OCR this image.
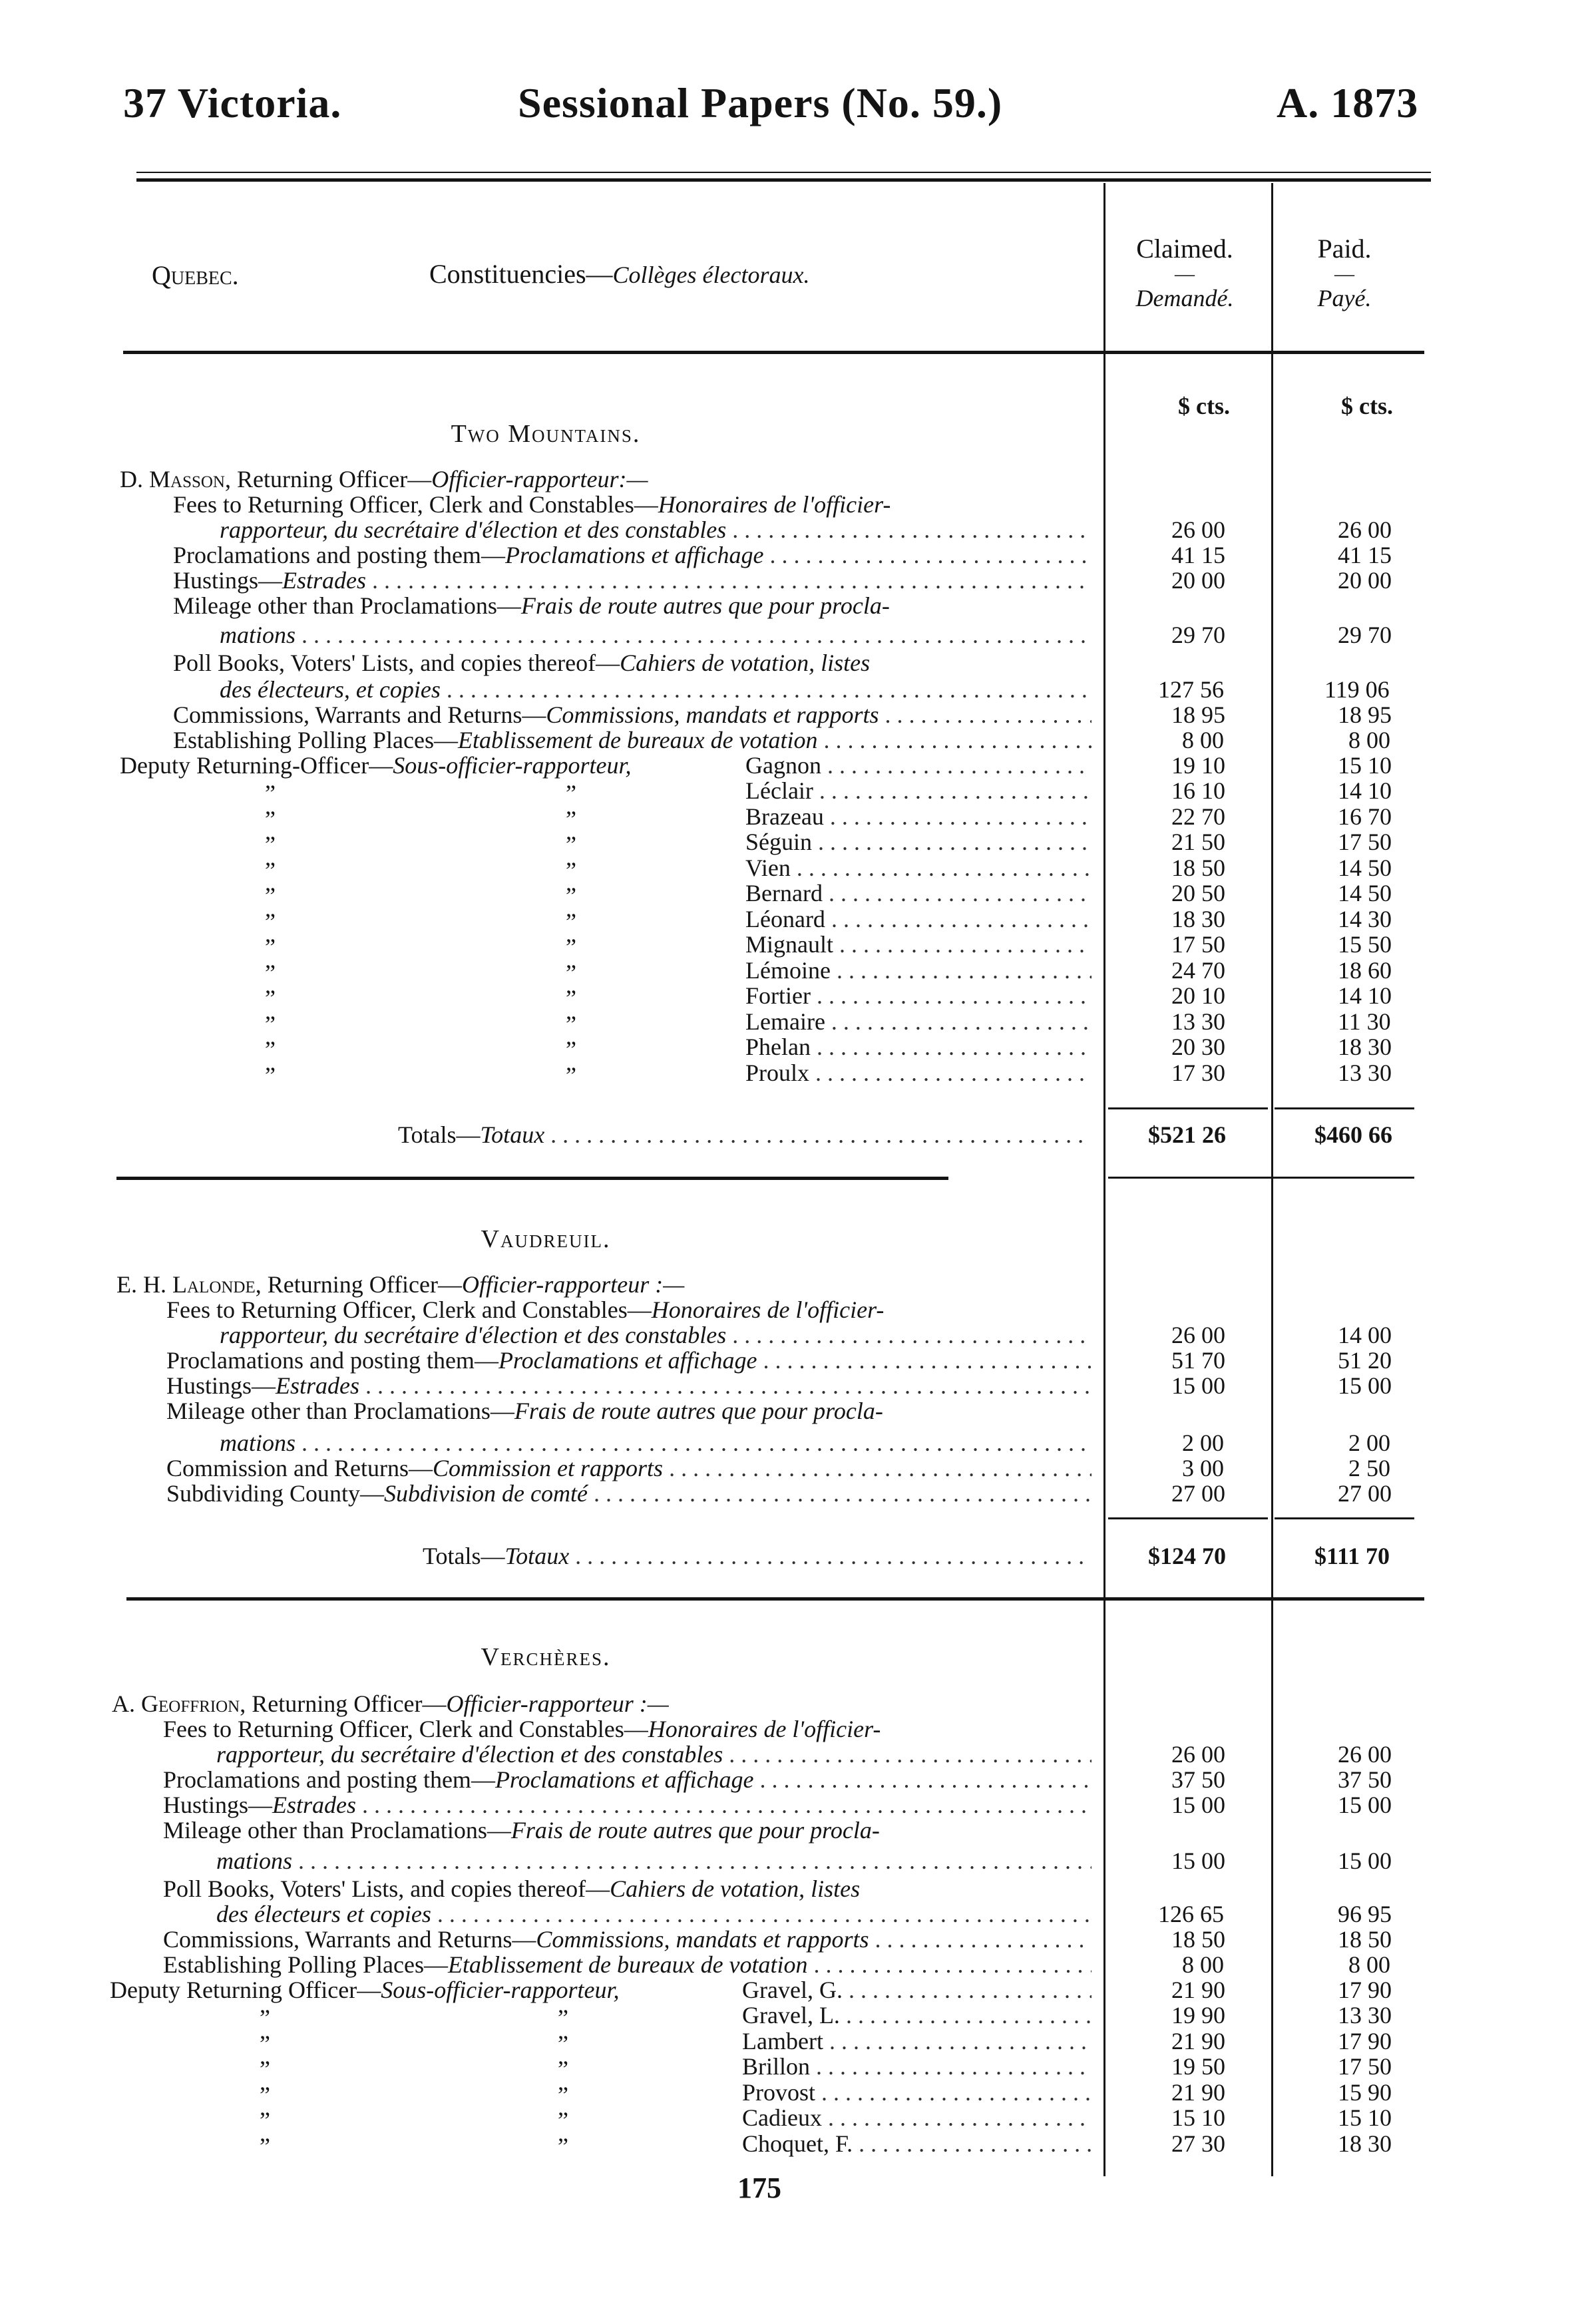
37 Victoria.	Sessional Papers (No. 59.)	A. 1873
Quebec.	Constituencies—Collèges électoraux.
Claimed.
—
Demandé.
Paid.
—
Payé.
$ cts.	$ cts.
Two Mountains.
D. Masson, Returning Officer—Officier-rapporteur:—
Fees to Returning Officer, Clerk and Constables—Honoraires de l'officier-
rapporteur, du secrétaire d'élection et des constables . . .	26 00	26 00
Proclamations and posting them—Proclamations et affichage . . .	41 15	41 15
Hustings—Estrades . . .	20 00	20 00
Mileage other than Proclamations—Frais de route autres que pour procla-
mations . . .	29 70	29 70
Poll Books, Voters' Lists, and copies thereof—Cahiers de votation, listes
des électeurs, et copies . . .	127 56	119 06
Commissions, Warrants and Returns—Commissions, mandats et rapports . . .	18 95	18 95
Establishing Polling Places—Etablissement de bureaux de votation . . .	8 00	8 00
Deputy Returning-Officer—Sous-officier-rapporteur,	Gagnon . . .	19 10	15 10
”	”	Léclair . . .	16 10	14 10
”	”	Brazeau . . .	22 70	16 70
”	”	Séguin . . .	21 50	17 50
”	”	Vien . . .	18 50	14 50
”	”	Bernard . . .	20 50	14 50
”	”	Léonard . . .	18 30	14 30
”	”	Mignault . . .	17 50	15 50
”	”	Lémoine . . .	24 70	18 60
”	”	Fortier . . .	20 10	14 10
”	”	Lemaire . . .	13 30	11 30
”	”	Phelan . . .	20 30	18 30
”	”	Proulx . . .	17 30	13 30
Totals—Totaux . . .	$521 26	$460 66
Vaudreuil.
E. H. Lalonde, Returning Officer—Officier-rapporteur :—
Fees to Returning Officer, Clerk and Constables—Honoraires de l'officier-
rapporteur, du secrétaire d'élection et des constables . . .	26 00	14 00
Proclamations and posting them—Proclamations et affichage . . .	51 70	51 20
Hustings—Estrades . . .	15 00	15 00
Mileage other than Proclamations—Frais de route autres que pour procla-
mations . . .	2 00	2 00
Commission and Returns—Commission et rapports . . .	3 00	2 50
Subdividing County—Subdivision de comté . . .	27 00	27 00
Totals—Totaux . . .	$124 70	$111 70
Verchères.
A. Geoffrion, Returning Officer—Officier-rapporteur :—
Fees to Returning Officer, Clerk and Constables—Honoraires de l'officier-
rapporteur, du secrétaire d'élection et des constables . . .	26 00	26 00
Proclamations and posting them—Proclamations et affichage . . .	37 50	37 50
Hustings—Estrades . . .	15 00	15 00
Mileage other than Proclamations—Frais de route autres que pour procla-
mations . . .	15 00	15 00
Poll Books, Voters' Lists, and copies thereof—Cahiers de votation, listes
des électeurs et copies . . .	126 65	96 95
Commissions, Warrants and Returns—Commissions, mandats et rapports . . .	18 50	18 50
Establishing Polling Places—Etablissement de bureaux de votation . . .	8 00	8 00
Deputy Returning Officer—Sous-officier-rapporteur,	Gravel, G. . . .	21 90	17 90
”	”	Gravel, L. . . .	19 90	13 30
”	”	Lambert . . .	21 90	17 90
”	”	Brillon . . .	19 50	17 50
”	”	Provost . . .	21 90	15 90
”	”	Cadieux . . .	15 10	15 10
”	”	Choquet, F. . . .	27 30	18 30
175
